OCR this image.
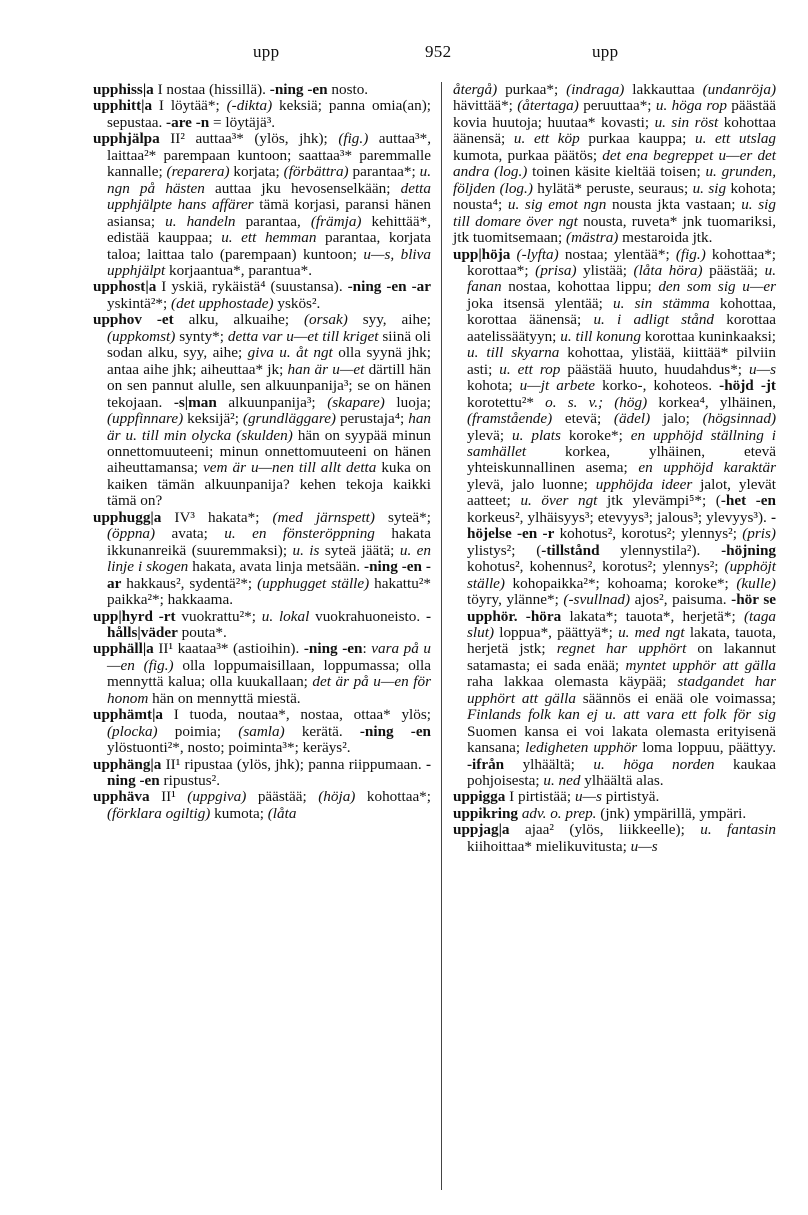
upp	952	upp

upphiss|a I nostaa (hissillä). -ning -en nosto.

upphitt|a I löytää*; (-dikta) keksiä; panna omia(an); sepustaa. -are -n = löytäjä³.

upphjälpa II² auttaa³* (ylös, jhk); (fig.) auttaa³*, laittaa²* parempaan kuntoon; saattaa³* paremmalle kannalle; (reparera) korjata; (förbättra) parantaa*; u. ngn på hästen auttaa jku hevosenselkään; detta upphjälpte hans affärer tämä korjasi, paransi hänen asiansa; u. handeln parantaa, (främja) kehittää*, edistää kauppaa; u. ett hemman parantaa, korjata taloa; laittaa talo (parempaan) kuntoon; u—s, bliva upphjälpt korjaantua*, parantua*.

upphost|a I yskiä, rykäistä⁴ (suustansa). -ning -en -ar yskintä²*; (det upphostade) yskös².

upphov -et alku, alkuaihe; (orsak) syy, aihe; (uppkomst) synty*; detta var u—et till kriget siinä oli sodan alku, syy, aihe; giva u. åt ngt olla syynä jhk; antaa aihe jhk; aiheuttaa* jk; han är u—et därtill hän on sen pannut alulle, sen alkuunpanija³; se on hänen tekojaan. -s|man alkuunpanija³; (skapare) luoja; (uppfinnare) keksijä²; (grundläggare) perustaja⁴; han är u. till min olycka (skulden) hän on syypää minun onnettomuuteeni; minun onnettomuuteeni on hänen aiheuttamansa; vem är u—nen till allt detta kuka on kaiken tämän alkuunpanija? kehen tekoja kaikki tämä on?

upphugg|a IV³ hakata*; (med järnspett) syteä*; (öppna) avata; u. en fönsteröppning hakata ikkunanreikä (suuremmaksi); u. is syteä jäätä; u. en linje i skogen hakata, avata linja metsään. -ning -en -ar hakkaus², sydentä²*; (upphugget ställe) hakattu²* paikka²*; hakkaama.

upp|hyrd -rt vuokrattu²*; u. lokal vuokrahuoneisto. -hålls|väder pouta*.

upphäll|a II¹ kaataa³* (astioihin). -ning -en: vara på u—en (fig.) olla loppumaisillaan, loppumassa; olla mennyttä kalua; olla kuukallaan; det är på u—en för honom hän on mennyttä miestä.

upphämt|a I tuoda, noutaa*, nostaa, ottaa* ylös; (plocka) poimia; (samla) kerätä. -ning -en ylöstuonti²*, nosto; poiminta³*; keräys².

upphäng|a II¹ ripustaa (ylös, jhk); panna riippumaan. -ning -en ripustus².

upphäva II¹ (uppgiva) päästää; (höja) kohottaa*; (förklara ogiltig) kumota; (låta

återgå) purkaa*; (indraga) lakkauttaa (undanröja) hävittää*; (återtaga) peruuttaa*; u. höga rop päästää kovia huutoja; huutaa* kovasti; u. sin röst kohottaa äänensä; u. ett köp purkaa kauppa; u. ett utslag kumota, purkaa päätös; det ena begreppet u—er det andra (log.) toinen käsite kieltää toisen; u. grunden, följden (log.) hylätä* peruste, seuraus; u. sig kohota; nousta⁴; u. sig emot ngn nousta jkta vastaan; u. sig till domare över ngt nousta, ruveta* jnk tuomariksi, jtk tuomitsemaan; (mästra) mestaroida jtk.

upp|höja (-lyfta) nostaa; ylentää*; (fig.) kohottaa*; korottaa*; (prisa) ylistää; (låta höra) päästää; u. fanan nostaa, kohottaa lippu; den som sig u—er joka itsensä ylentää; u. sin stämma kohottaa, korottaa äänensä; u. i adligt stånd korottaa aatelissäätyyn; u. till konung korottaa kuninkaaksi; u. till skyarna kohottaa, ylistää, kiittää* pilviin asti; u. ett rop päästää huuto, huudahdus*; u—s kohota; u—jt arbete korko-, kohoteos. -höjd -jt korotettu²* o. s. v.; (hög) korkea⁴, ylhäinen, (framstående) etevä; (ädel) jalo; (högsinnad) ylevä; u. plats koroke*; en upphöjd ställning i samhället korkea, ylhäinen, etevä yhteiskunnallinen asema; en upphöjd karaktär ylevä, jalo luonne; upphöjda ideer jalot, ylevät aatteet; u. över ngt jtk ylevämpi⁵*; (-het -en korkeus², ylhäisyys³; etevyys³; jalous³; ylevyys³). -höjelse -en -r kohotus², korotus²; ylennys²; (pris) ylistys²; (-tillstånd ylennystila²). -höjning kohotus², kohennus², korotus²; ylennys²; (upphöjt ställe) kohopaikka²*; kohoama; koroke*; (kulle) töyry, ylänne*; (-svullnad) ajos², paisuma. -hör se upphör. -höra lakata*; tauota*, herjetä*; (taga slut) loppua*, päättyä*; u. med ngt lakata, tauota, herjetä jstk; regnet har upphört on lakannut satamasta; ei sada enää; myntet upphör att gälla raha lakkaa olemasta käypää; stadgandet har upphört att gälla säännös ei enää ole voimassa; Finlands folk kan ej u. att vara ett folk för sig Suomen kansa ei voi lakata olemasta erityisenä kansana; ledigheten upphör loma loppuu, päättyy. -ifrån ylhäältä; u. höga norden kaukaa pohjoisesta; u. ned ylhäältä alas.

uppigga I pirtistää; u—s pirtistyä.

uppikring adv. o. prep. (jnk) ympärillä, ympäri.

uppjag|a ajaa² (ylös, liikkeelle); u. fantasin kiihoittaa* mielikuvitusta; u—s
